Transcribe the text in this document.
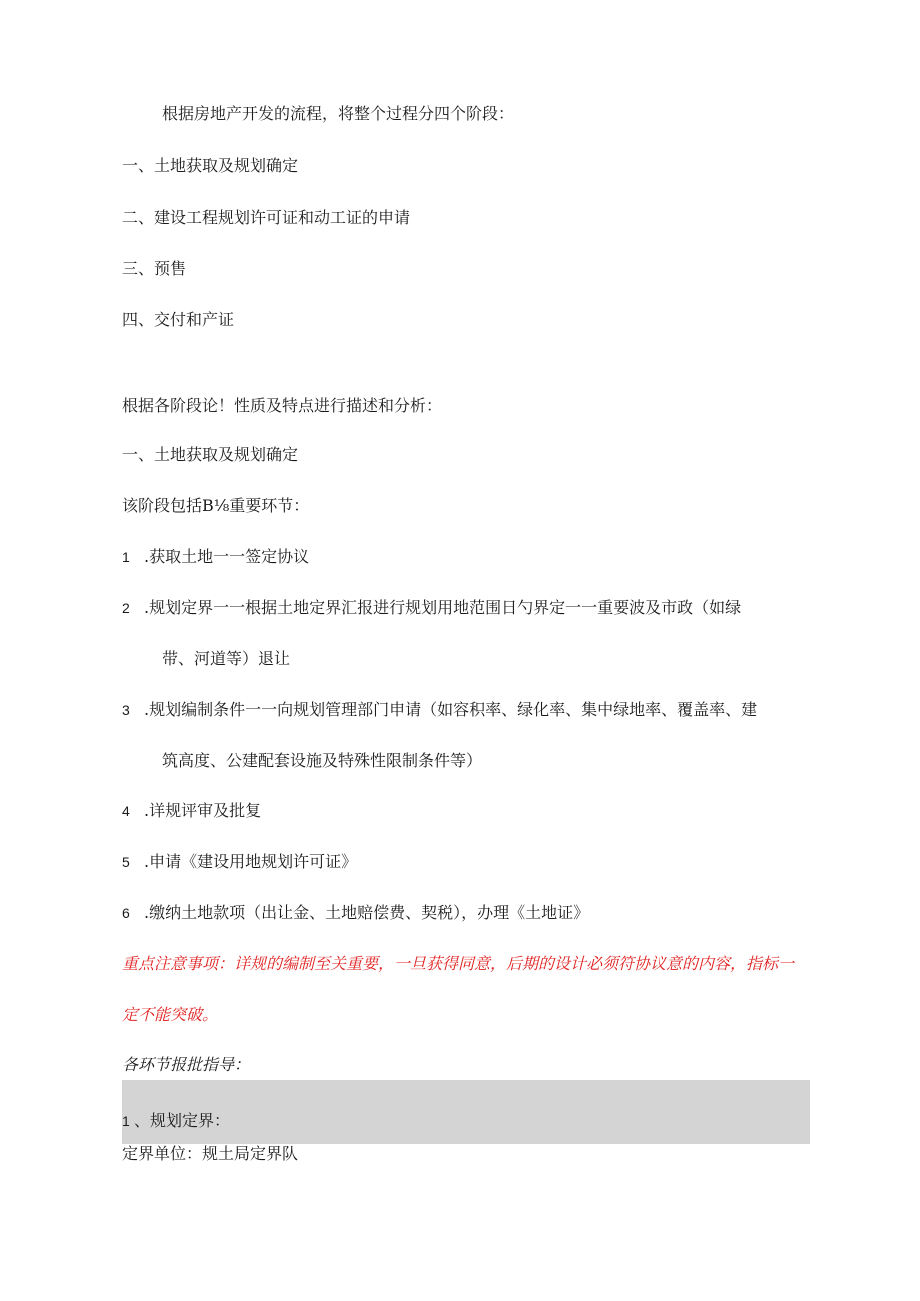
根据房地产开发的流程，将整个过程分四个阶段：
一、土地获取及规划确定
二、建设工程规划许可证和动工证的申请
三、预售
四、交付和产证
根据各阶段论！性质及特点进行描述和分析：
一、土地获取及规划确定
该阶段包括B⅛重要环节：
1 .获取土地一一签定协议
2 .规划定界一一根据土地定界汇报进行规划用地范围日勺界定一一重要波及市政（如绿
带、河道等）退让
3 .规划编制条件一一向规划管理部门申请（如容积率、绿化率、集中绿地率、覆盖率、建
筑高度、公建配套设施及特殊性限制条件等）
4 .详规评审及批复
5 .申请《建设用地规划许可证》
6 .缴纳土地款项（出让金、土地赔偿费、契税），办理《土地证》
重点注意事项：详规的编制至关重要，一旦获得同意，后期的设计必须符协议意的内容，指标一
定不能突破。
各环节报批指导：
1 、规划定界：
定界单位：规土局定界队
